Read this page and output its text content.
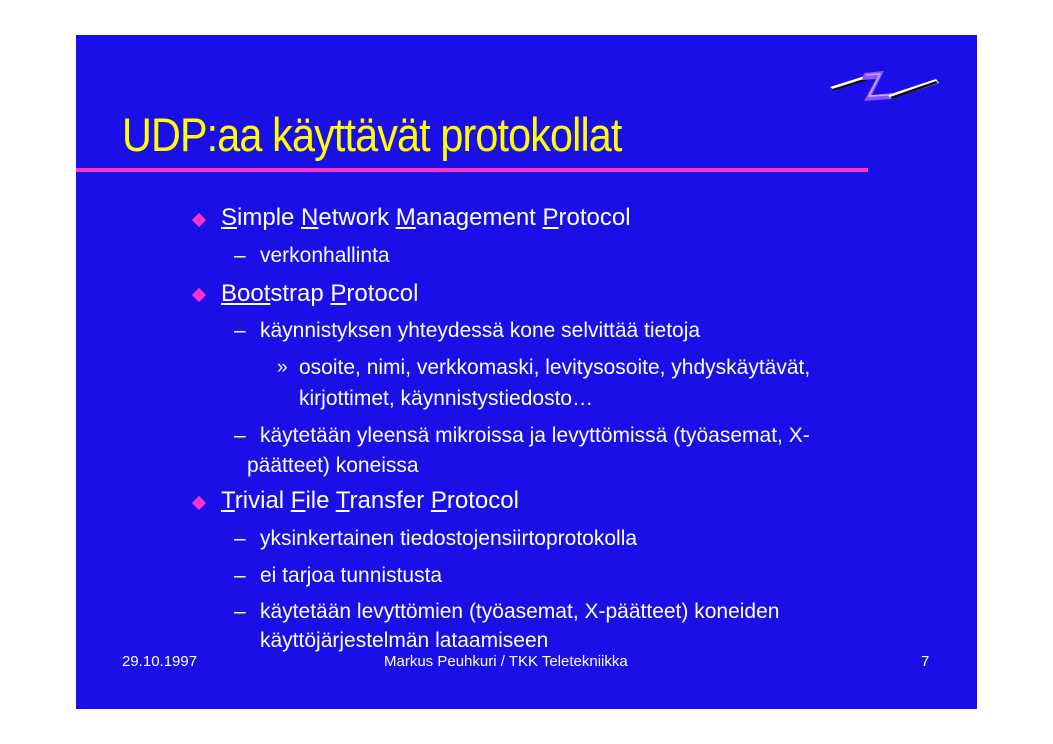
UDP:aa käyttävät protokollat
Simple Network Management Protocol
– verkonhallinta
Bootstrap Protocol
– käynnistyksen yhteydessä kone selvittää tietoja
» osoite, nimi, verkkomaski, levitysosoite, yhdyskäytävät,
kirjottimet, käynnistystiedosto…
– käytetään yleensä mikroissa ja levyttömissä (työasemat, X-
päätteet) koneissa
Trivial File Transfer Protocol
– yksinkertainen tiedostojensiirtoprotokolla
– ei tarjoa tunnistusta
– käytetään levyttömien (työasemat, X-päätteet) koneiden
käyttöjärjestelmän lataamiseen
29.10.1997	Markus Peuhkuri / TKK Teletekniikka	7
